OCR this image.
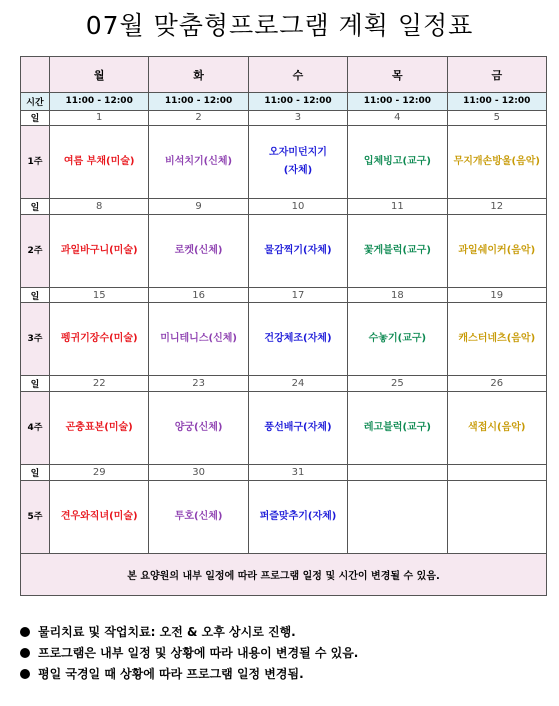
07월 맞춤형프로그램 계획 일정표
	월	화	수	목	금
시간	11:00 - 12:00	11:00 - 12:00	11:00 - 12:00	11:00 - 12:00	11:00 - 12:00
일	1	2	3	4	5
1주	여름 부채(미술)	비석치기(신체)	오자미던지기
(자체)	입체빙고(교구)	무지개손방울(음악)
일	8	9	10	11	12
2주	과일바구니(미술)	로켓(신체)	물감찍기(자체)	꽃게블럭(교구)	과일쉐이커(음악)
일	15	16	17	18	19
3주	펭귀기장수(미술)	미니테니스(신체)	건강체조(자체)	수놓기(교구)	캐스터네츠(음악)
일	22	23	24	25	26
4주	곤충표본(미술)	양궁(신체)	풍선배구(자체)	레고블럭(교구)	색접시(음악)
일	29	30	31		
5주	견우와직녀(미술)	투호(신체)	퍼즐맞추기(자체)		
본 요양원의 내부 일정에 따라 프로그램 일정 및 시간이 변경될 수 있음.					
물리치료 및 작업치료: 오전 & 오후 상시로 진행.
프로그램은 내부 일정 및 상황에 따라 내용이 변경될 수 있음.
평일 국경일 때 상황에 따라 프로그램 일정 변경됨.
